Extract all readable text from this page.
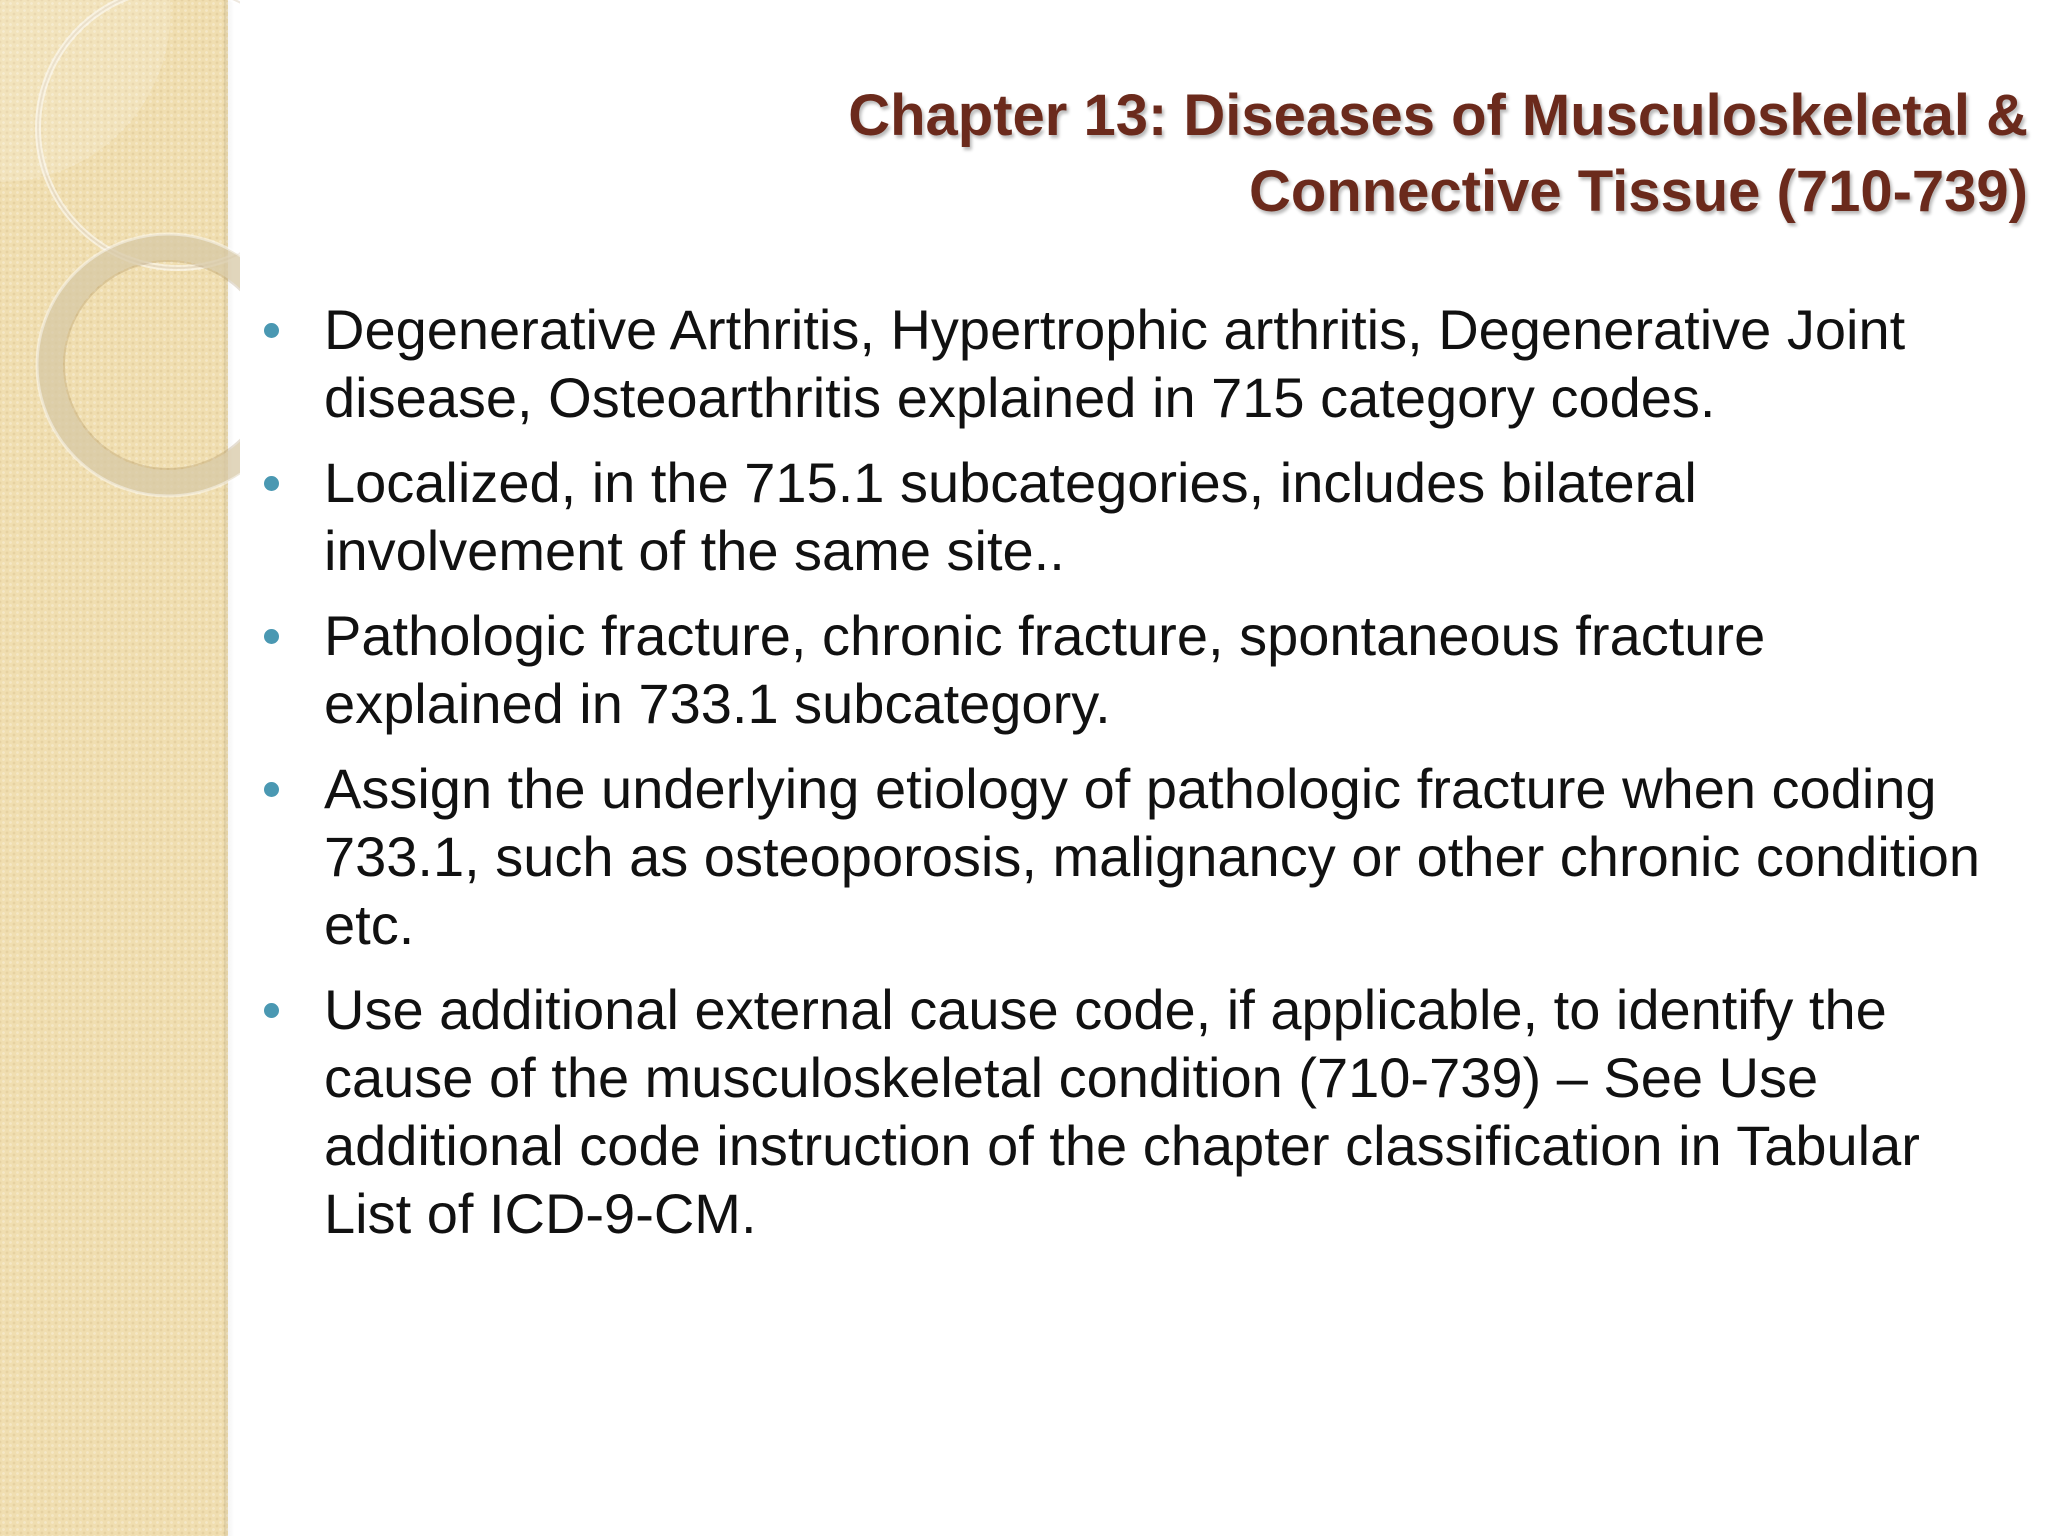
Chapter 13: Diseases of Musculoskeletal &
Connective Tissue (710-739)
Degenerative Arthritis, Hypertrophic arthritis, Degenerative Joint disease, Osteoarthritis explained in 715 category codes.
Localized, in the 715.1 subcategories, includes bilateral involvement of the same site..
Pathologic fracture, chronic fracture, spontaneous fracture explained in 733.1 subcategory.
Assign the underlying etiology of pathologic fracture when coding 733.1, such as osteoporosis, malignancy or other chronic condition etc.
Use additional external cause code, if applicable, to identify the cause of the musculoskeletal condition (710-739) – See Use additional code instruction of the chapter classification in Tabular List of ICD-9-CM.
